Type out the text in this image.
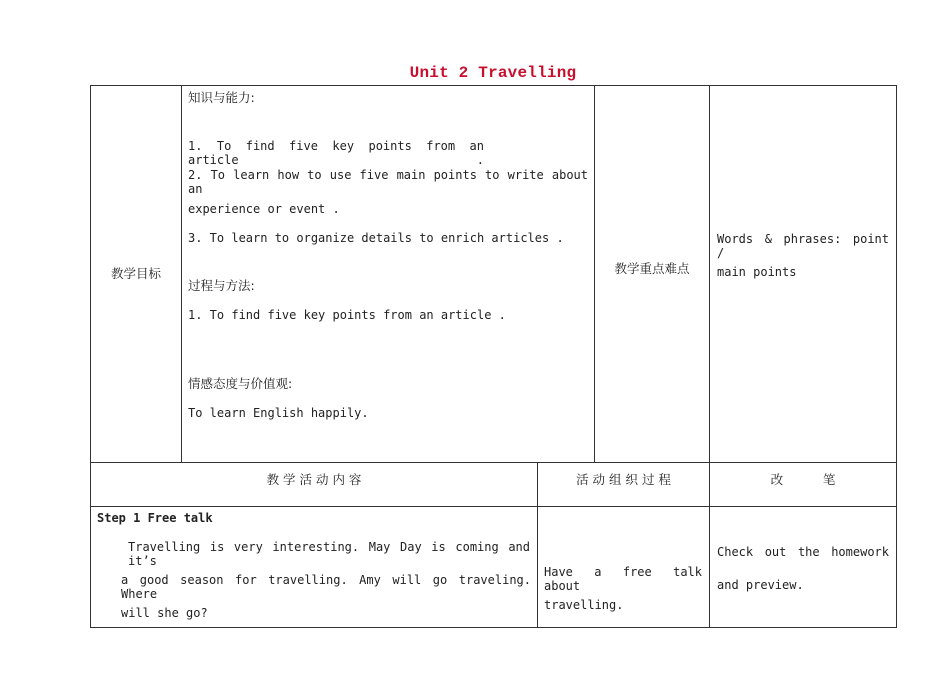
Unit 2 Travelling
教学目标
知识与能力:
1. To find five key points from an article .
2. To learn how to use five main points to write about an
experience or event .
3. To learn to organize details to enrich articles .
过程与方法:
1. To find five key points from an article .
情感态度与价值观:
To learn English happily.
教学重点难点
Words & phrases: point /
main points
教 学 活 动 内 容	活 动 组 织 过 程	改          笔
Step 1 Free talk
Travelling is very interesting. May Day is coming and it’s
a good season for travelling. Amy will go traveling. Where
will she go?
Have a free talk about
travelling.
Check out the homework
and preview.
